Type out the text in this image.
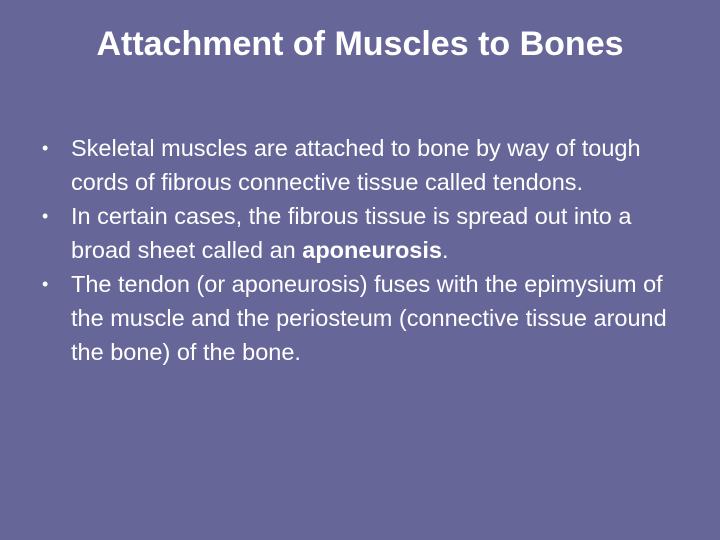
Attachment of Muscles to Bones
• Skeletal muscles are attached to bone by way of tough cords of fibrous connective tissue called tendons.
• In certain cases, the fibrous tissue is spread out into a broad sheet called an aponeurosis.
• The tendon (or aponeurosis) fuses with the epimysium of the muscle and the periosteum (connective tissue around the bone) of the bone.
